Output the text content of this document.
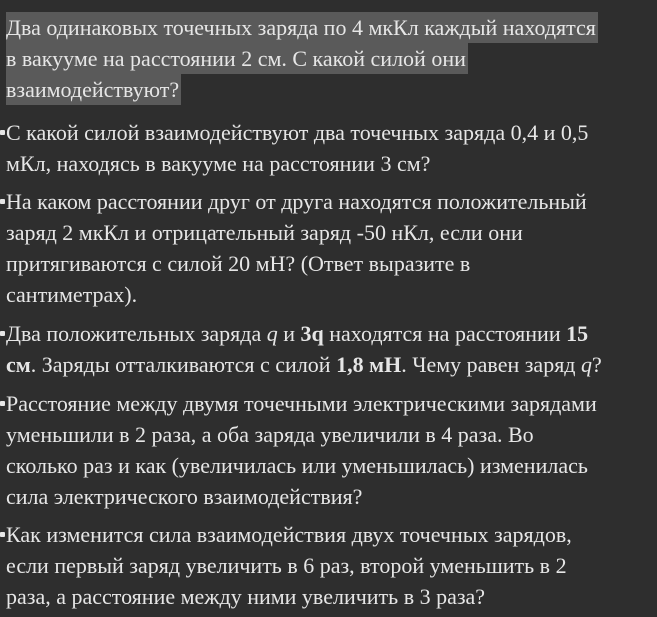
Два одинаковых точечных заряда по 4 мкКл каждый находятся
в вакууме на расстоянии 2 см. С какой силой они
взаимодействуют?
С какой силой взаимодействуют два точечных заряда 0,4 и 0,5
мКл, находясь в вакууме на расстоянии 3 см?
На каком расстоянии друг от друга находятся положительный
заряд 2 мкКл и отрицательный заряд -50 нКл, если они
притягиваются с силой 20 мН? (Ответ выразите в
сантиметрах).
Два положительных заряда q и 3q находятся на расстоянии 15
см. Заряды отталкиваются с силой 1,8 мН. Чему равен заряд q?
Расстояние между двумя точечными электрическими зарядами
уменьшили в 2 раза, а оба заряда увеличили в 4 раза. Во
сколько раз и как (увеличилась или уменьшилась) изменилась
сила электрического взаимодействия?
Как изменится сила взаимодействия двух точечных зарядов,
если первый заряд увеличить в 6 раз, второй уменьшить в 2
раза, а расстояние между ними увеличить в 3 раза?
